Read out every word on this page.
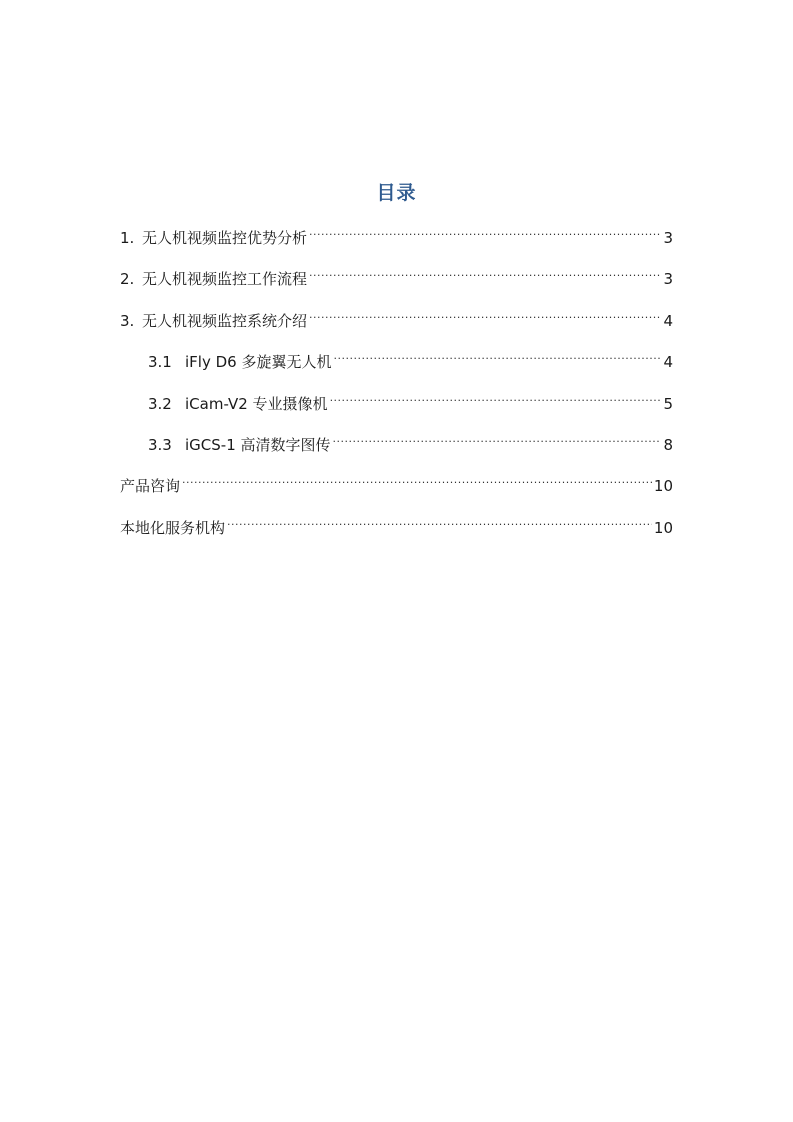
目录
1. 无人机视频监控优势分析 .....	3
2. 无人机视频监控工作流程 .....	3
3. 无人机视频监控系统介绍 .....	4
3.1 iFly D6 多旋翼无人机 .....	4
3.2 iCam-V2 专业摄像机 .....	5
3.3 iGCS-1 高清数字图传 .....	8
产品咨询 .....	10
本地化服务机构 .....	10
